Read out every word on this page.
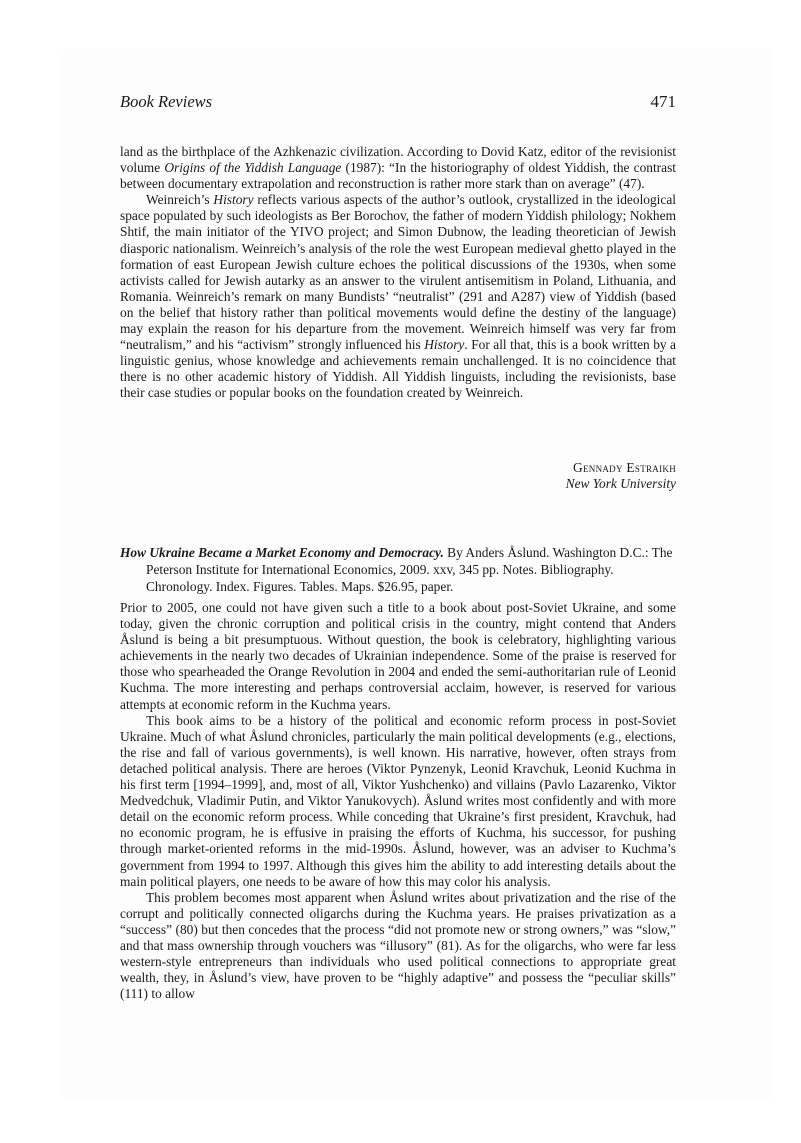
Book Reviews	471

land as the birthplace of the Azhkenazic civilization. According to Dovid Katz, editor of the revisionist volume Origins of the Yiddish Language (1987): “In the historiography of oldest Yiddish, the contrast between documentary extrapolation and reconstruction is rather more stark than on average” (47).

Weinreich’s History reflects various aspects of the author’s outlook, crystallized in the ideological space populated by such ideologists as Ber Borochov, the father of modern Yiddish philology; Nokhem Shtif, the main initiator of the YIVO project; and Simon Dubnow, the leading theoretician of Jewish diasporic nationalism. Weinreich’s analysis of the role the west European medieval ghetto played in the formation of east European Jewish culture echoes the political discussions of the 1930s, when some activists called for Jewish autarky as an answer to the virulent antisemitism in Poland, Lithuania, and Romania. Weinreich’s remark on many Bundists’ “neutralist” (291 and A287) view of Yiddish (based on the belief that history rather than political movements would define the destiny of the language) may explain the reason for his departure from the movement. Weinreich himself was very far from “neutralism,” and his “activism” strongly influenced his History. For all that, this is a book written by a linguistic genius, whose knowledge and achievements remain unchallenged. It is no coincidence that there is no other academic history of Yiddish. All Yiddish linguists, including the revisionists, base their case studies or popular books on the foundation created by Weinreich.

Gennady Estraikh
New York University

How Ukraine Became a Market Economy and Democracy. By Anders Åslund. Washington D.C.: The Peterson Institute for International Economics, 2009. xxv, 345 pp. Notes. Bibliography. Chronology. Index. Figures. Tables. Maps. $26.95, paper.

Prior to 2005, one could not have given such a title to a book about post-Soviet Ukraine, and some today, given the chronic corruption and political crisis in the country, might contend that Anders Åslund is being a bit presumptuous. Without question, the book is celebratory, highlighting various achievements in the nearly two decades of Ukrainian independence. Some of the praise is reserved for those who spearheaded the Orange Revolution in 2004 and ended the semi-authoritarian rule of Leonid Kuchma. The more interesting and perhaps controversial acclaim, however, is reserved for various attempts at economic reform in the Kuchma years.

This book aims to be a history of the political and economic reform process in post-Soviet Ukraine. Much of what Åslund chronicles, particularly the main political developments (e.g., elections, the rise and fall of various governments), is well known. His narrative, however, often strays from detached political analysis. There are heroes (Viktor Pynzenyk, Leonid Kravchuk, Leonid Kuchma in his first term [1994–1999], and, most of all, Viktor Yushchenko) and villains (Pavlo Lazarenko, Viktor Medvedchuk, Vladimir Putin, and Viktor Yanukovych). Åslund writes most confidently and with more detail on the economic reform process. While conceding that Ukraine’s first president, Kravchuk, had no economic program, he is effusive in praising the efforts of Kuchma, his successor, for pushing through market-oriented reforms in the mid-1990s. Åslund, however, was an adviser to Kuchma’s government from 1994 to 1997. Although this gives him the ability to add interesting details about the main political players, one needs to be aware of how this may color his analysis.

This problem becomes most apparent when Åslund writes about privatization and the rise of the corrupt and politically connected oligarchs during the Kuchma years. He praises privatization as a “success” (80) but then concedes that the process “did not promote new or strong owners,” was “slow,” and that mass ownership through vouchers was “illusory” (81). As for the oligarchs, who were far less western-style entrepreneurs than individuals who used political connections to appropriate great wealth, they, in Åslund’s view, have proven to be “highly adaptive” and possess the “peculiar skills” (111) to allow
